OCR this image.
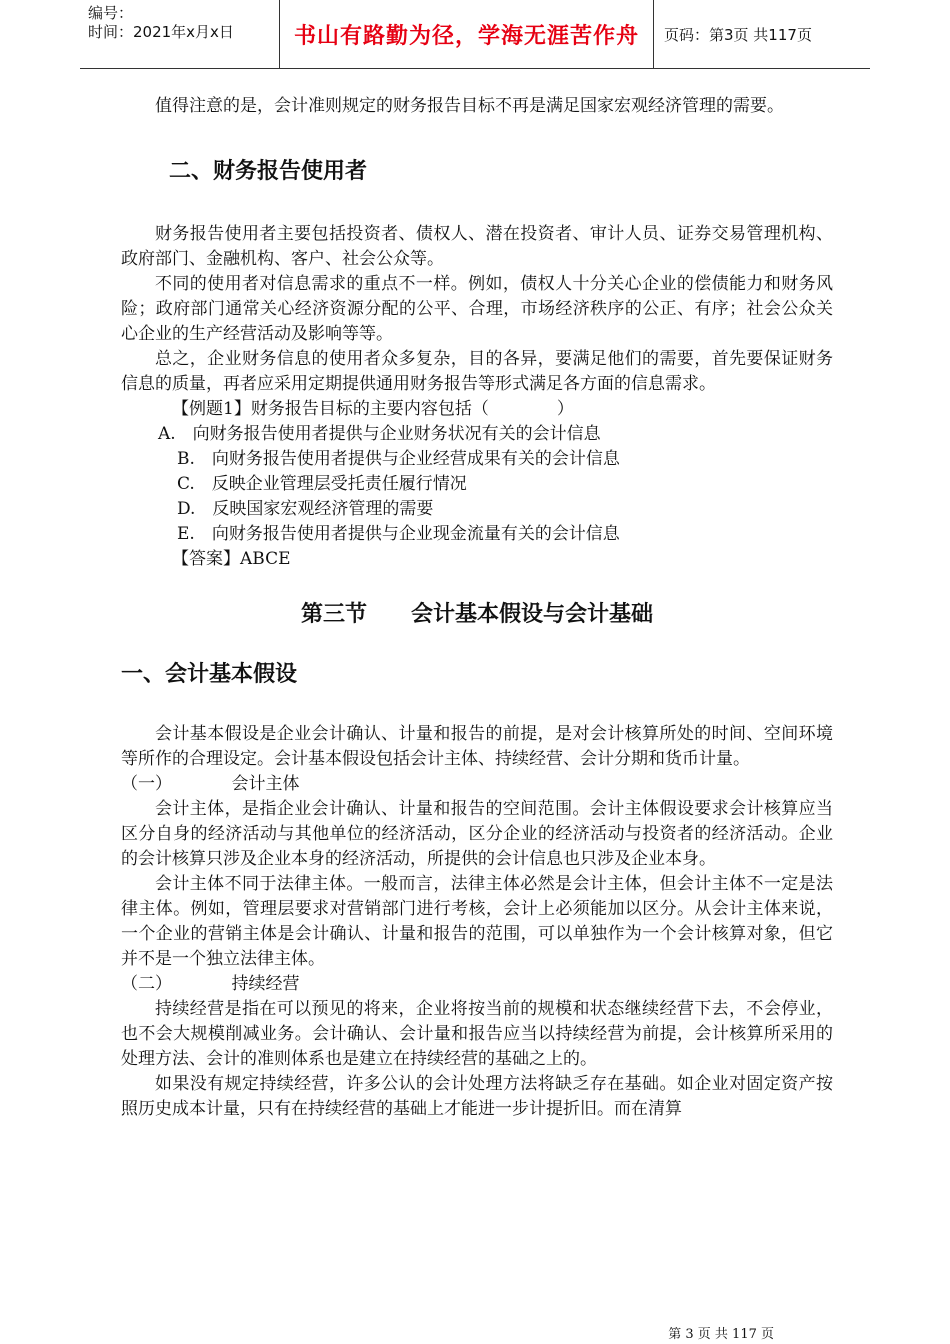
编号：
时间：2021年x月x日	书山有路勤为径，学海无涯苦作舟	页码：第3页 共117页

值得注意的是，会计准则规定的财务报告目标不再是满足国家宏观经济管理的需要。

二、财务报告使用者

财务报告使用者主要包括投资者、债权人、潜在投资者、审计人员、证券交易管理机构、政府部门、金融机构、客户、社会公众等。

不同的使用者对信息需求的重点不一样。例如，债权人十分关心企业的偿债能力和财务风险；政府部门通常关心经济资源分配的公平、合理，市场经济秩序的公正、有序；社会公众关心企业的生产经营活动及影响等等。

总之，企业财务信息的使用者众多复杂，目的各异，要满足他们的需要，首先要保证财务信息的质量，再者应采用定期提供通用财务报告等形式满足各方面的信息需求。

【例题1】财务报告目标的主要内容包括（　　　　）

A.　向财务报告使用者提供与企业财务状况有关的会计信息

B.　向财务报告使用者提供与企业经营成果有关的会计信息

C.　反映企业管理层受托责任履行情况

D.　反映国家宏观经济管理的需要

E.　向财务报告使用者提供与企业现金流量有关的会计信息

【答案】ABCE

第三节　　会计基本假设与会计基础

一、会计基本假设

会计基本假设是企业会计确认、计量和报告的前提，是对会计核算所处的时间、空间环境等所作的合理设定。会计基本假设包括会计主体、持续经营、会计分期和货币计量。

（一）　　　　会计主体

会计主体，是指企业会计确认、计量和报告的空间范围。会计主体假设要求会计核算应当区分自身的经济活动与其他单位的经济活动，区分企业的经济活动与投资者的经济活动。企业的会计核算只涉及企业本身的经济活动，所提供的会计信息也只涉及企业本身。

会计主体不同于法律主体。一般而言，法律主体必然是会计主体，但会计主体不一定是法律主体。例如，管理层要求对营销部门进行考核，会计上必须能加以区分。从会计主体来说，一个企业的营销主体是会计确认、计量和报告的范围，可以单独作为一个会计核算对象，但它并不是一个独立法律主体。

（二）　　　　持续经营

持续经营是指在可以预见的将来，企业将按当前的规模和状态继续经营下去，不会停业，也不会大规模削减业务。会计确认、会计量和报告应当以持续经营为前提，会计核算所采用的处理方法、会计的准则体系也是建立在持续经营的基础之上的。

如果没有规定持续经营，许多公认的会计处理方法将缺乏存在基础。如企业对固定资产按照历史成本计量，只有在持续经营的基础上才能进一步计提折旧。而在清算

第 3 页 共 117 页
